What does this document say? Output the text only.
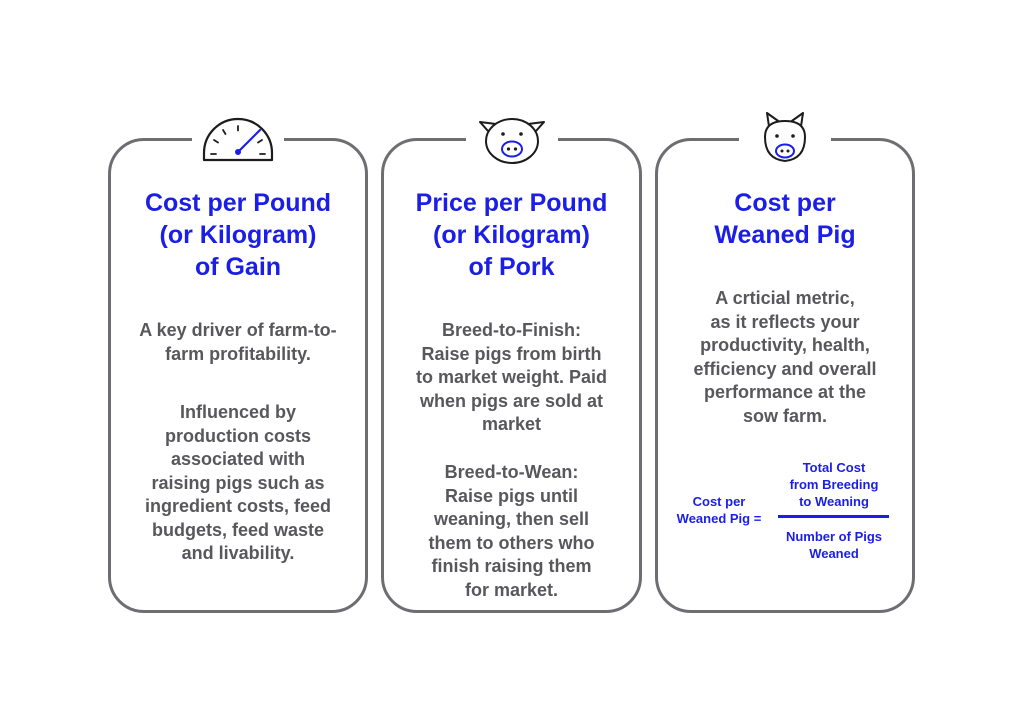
Cost per Pound
(or Kilogram)
of Gain
A key driver of farm-to-
farm profitability.
Influenced by
production costs
associated with
raising pigs such as
ingredient costs, feed
budgets, feed waste
and livability.
Price per Pound
(or Kilogram)
of Pork
Breed-to-Finish:
Raise pigs from birth
to market weight. Paid
when pigs are sold at
market
Breed-to-Wean:
Raise pigs until
weaning, then sell
them to others who
finish raising them
for market.
Cost per
Weaned Pig
A crticial metric,
as it reflects your
productivity, health,
efficiency and overall
performance at the
sow farm.
Cost per
Weaned Pig =
Total Cost
from Breeding
to Weaning
Number of Pigs
Weaned
